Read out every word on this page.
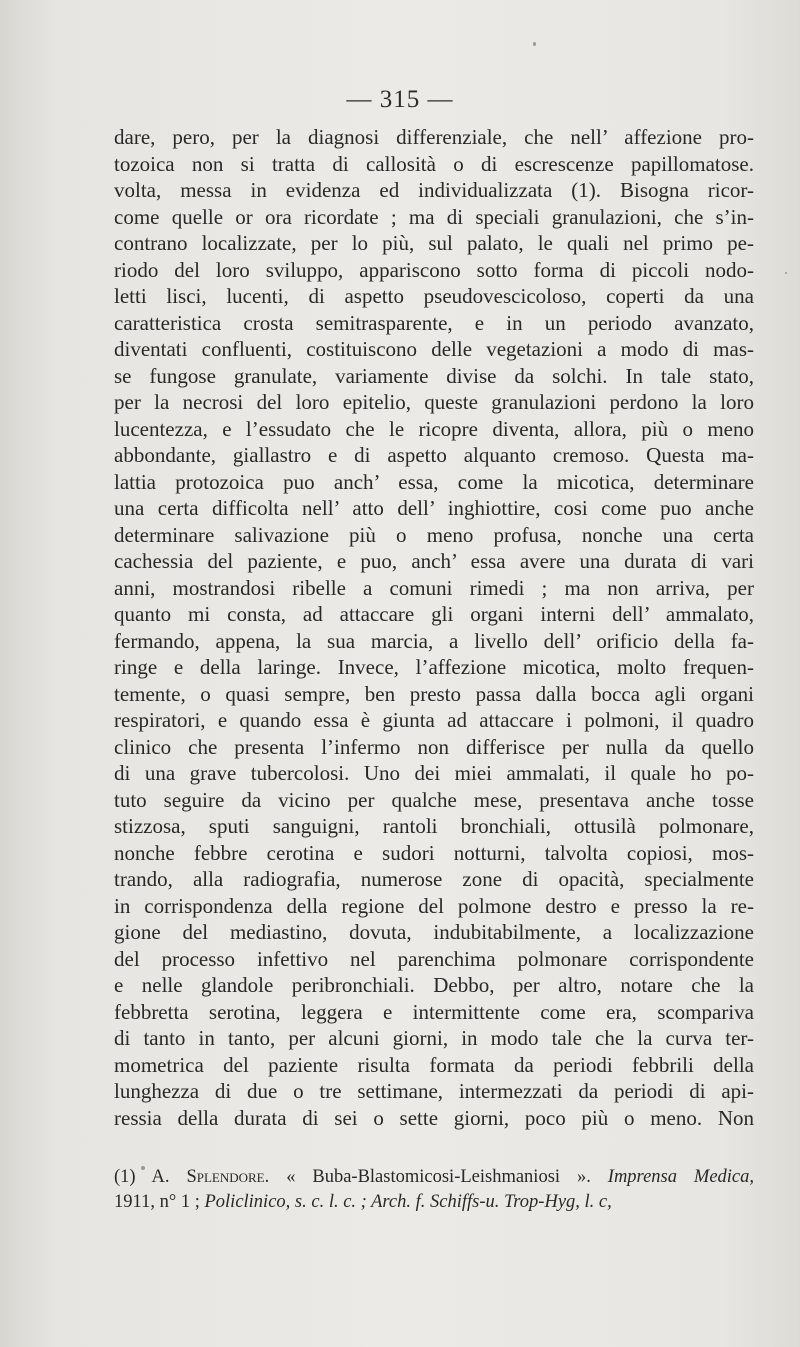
— 315 —
dare, pero, per la diagnosi differenziale, che nell’ affezione pro-
tozoica non si tratta di callosità o di escrescenze papillomatose.
volta, messa in evidenza ed individualizzata (1). Bisogna ricor-
come quelle or ora ricordate ; ma di speciali granulazioni, che s’in-
contrano localizzate, per lo più, sul palato, le quali nel primo pe-
riodo del loro sviluppo, appariscono sotto forma di piccoli nodo-
letti lisci, lucenti, di aspetto pseudovescicoloso, coperti da una
caratteristica crosta semitrasparente, e in un periodo avanzato,
diventati confluenti, costituiscono delle vegetazioni a modo di mas-
se fungose granulate, variamente divise da solchi. In tale stato,
per la necrosi del loro epitelio, queste granulazioni perdono la loro
lucentezza, e l’essudato che le ricopre diventa, allora, più o meno
abbondante, giallastro e di aspetto alquanto cremoso. Questa ma-
lattia protozoica puo anch’ essa, come la micotica, determinare
una certa difficolta nell’ atto dell’ inghiottire, cosi come puo anche
determinare salivazione più o meno profusa, nonche una certa
cachessia del paziente, e puo, anch’ essa avere una durata di vari
anni, mostrandosi ribelle a comuni rimedi ; ma non arriva, per
quanto mi consta, ad attaccare gli organi interni dell’ ammalato,
fermando, appena, la sua marcia, a livello dell’ orificio della fa-
ringe e della laringe. Invece, l’affezione micotica, molto frequen-
temente, o quasi sempre, ben presto passa dalla bocca agli organi
respiratori, e quando essa è giunta ad attaccare i polmoni, il quadro
clinico che presenta l’infermo non differisce per nulla da quello
di una grave tubercolosi. Uno dei miei ammalati, il quale ho po-
tuto seguire da vicino per qualche mese, presentava anche tosse
stizzosa, sputi sanguigni, rantoli bronchiali, ottusilà polmonare,
nonche febbre cerotina e sudori notturni, talvolta copiosi, mos-
trando, alla radiografia, numerose zone di opacità, specialmente
in corrispondenza della regione del polmone destro e presso la re-
gione del mediastino, dovuta, indubitabilmente, a localizzazione
del processo infettivo nel parenchima polmonare corrispondente
e nelle glandole peribronchiali. Debbo, per altro, notare che la
febbretta serotina, leggera e intermittente come era, scompariva
di tanto in tanto, per alcuni giorni, in modo tale che la curva ter-
mometrica del paziente risulta formata da periodi febbrili della
lunghezza di due o tre settimane, intermezzati da periodi di api-
ressia della durata di sei o sette giorni, poco più o meno. Non
(1) A. Splendore. « Buba-Blastomicosi-Leishmaniosi ». Imprensa Medica,
1911, n° 1 ; Policlinico, s. c. l. c. ; Arch. f. Schiffs-u. Trop-Hyg, l. c,
